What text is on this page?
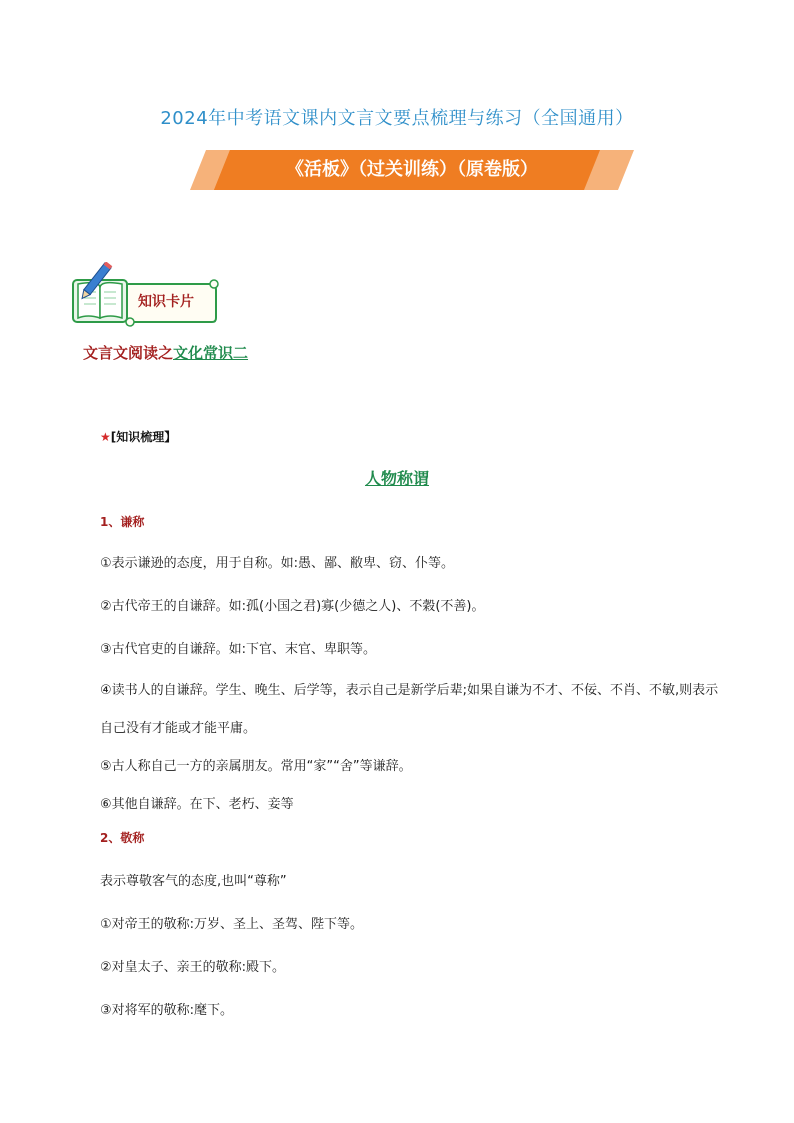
2024年中考语文课内文言文要点梳理与练习（全国通用）
《活板》（过关训练）（原卷版）
知识卡片
文言文阅读之文化常识二
★[知识梳理】
人物称谓
1、谦称
①表示谦逊的态度，用于自称。如:愚、鄙、敝卑、窃、仆等。
②古代帝王的自谦辞。如:孤(小国之君)寡(少德之人)、不穀(不善)。
③古代官吏的自谦辞。如:下官、末官、卑职等。
④读书人的自谦辞。学生、晚生、后学等，表示自己是新学后辈;如果自谦为不才、不佞、不肖、不敏,则表示自己没有才能或才能平庸。
⑤古人称自己一方的亲属朋友。常用“家”“舍”等谦辞。
⑥其他自谦辞。在下、老朽、妾等
2、敬称
表示尊敬客气的态度,也叫“尊称”
①对帝王的敬称:万岁、圣上、圣驾、陛下等。
②对皇太子、亲王的敬称:殿下。
③对将军的敬称:麾下。
